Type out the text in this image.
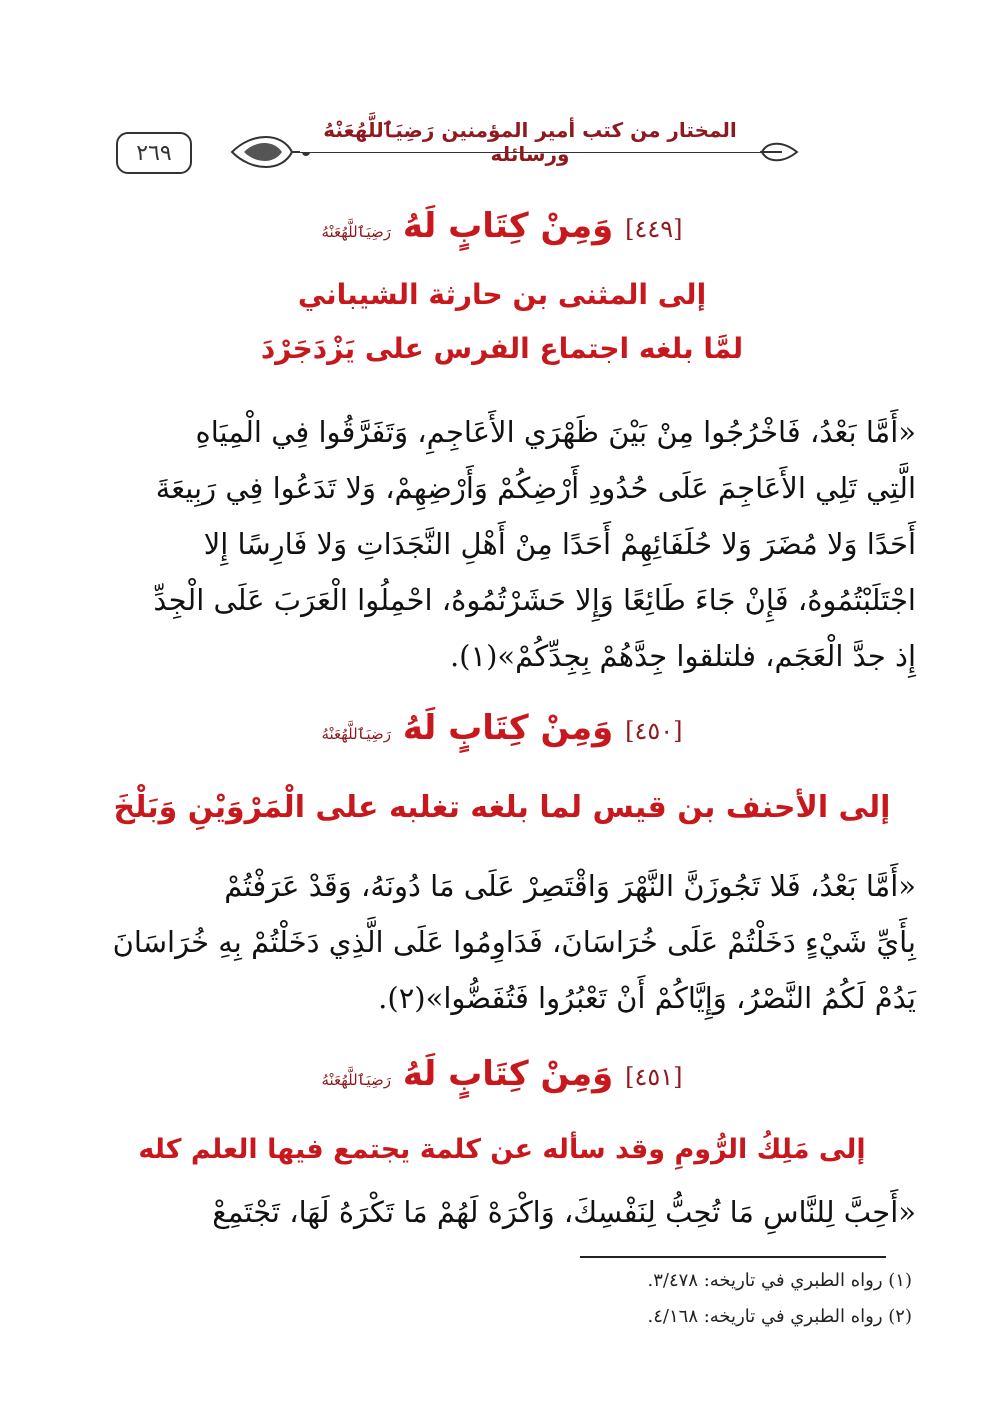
٢٦٩
المختار من كتب أمير المؤمنين رَضِيَٱللَّهُعَنْهُ ورسائله
[٤٤٩] وَمِنْ كِتَابٍ لَهُ رَضِيَٱللَّهُعَنْهُ
إلى المثنى بن حارثة الشيباني
لمَّا بلغه اجتماع الفرس على يَزْدَجَرْدَ

«أَمَّا بَعْدُ، فَاخْرُجُوا مِنْ بَيْنَ ظَهْرَي الأَعَاجِمِ، وَتَفَرَّقُوا فِي الْمِيَاهِ

الَّتِي تَلِي الأَعَاجِمَ عَلَى حُدُودِ أَرْضِكُمْ وَأَرْضِهِمْ، وَلا تَدَعُوا فِي رَبِيعَةَ

أَحَدًا وَلا مُضَرَ وَلا حُلَفَائِهِمْ أَحَدًا مِنْ أَهْلِ النَّجَدَاتِ وَلا فَارِسًا إِلا

اجْتَلَبْتُمُوهُ، فَإِنْ جَاءَ طَائِعًا وَإِلا حَشَرْتُمُوهُ، احْمِلُوا الْعَرَبَ عَلَى الْجِدِّ

إِذ جدَّ الْعَجَم، فلتلقوا جِدَّهُمْ بِجِدِّكُمْ»(١).

[٤٥٠] وَمِنْ كِتَابٍ لَهُ رَضِيَٱللَّهُعَنْهُ
إلى الأحنف بن قيس لما بلغه تغلبه على الْمَرْوَيْنِ وَبَلْخَ

«أَمَّا بَعْدُ، فَلا تَجُوزَنَّ النَّهْرَ وَاقْتَصِرْ عَلَى مَا دُونَهُ، وَقَدْ عَرَفْتُمْ

بِأَيِّ شَيْءٍ دَخَلْتُمْ عَلَى خُرَاسَانَ، فَدَاوِمُوا عَلَى الَّذِي دَخَلْتُمْ بِهِ خُرَاسَانَ

يَدُمْ لَكُمُ النَّصْرُ، وَإِيَّاكُمْ أَنْ تَعْبُرُوا فَتُفَضُّوا»(٢).

[٤٥١] وَمِنْ كِتَابٍ لَهُ رَضِيَٱللَّهُعَنْهُ
إلى مَلِكُ الرُّومِ وقد سأله عن كلمة يجتمع فيها العلم كله

«أَحِبَّ لِلنَّاسِ مَا تُحِبُّ لِنَفْسِكَ، وَاكْرَهْ لَهُمْ مَا تَكْرَهُ لَهَا، تَجْتَمِعْ

(١) رواه الطبري في تاريخه: ٣/٤٧٨.
(٢) رواه الطبري في تاريخه: ٤/١٦٨.
